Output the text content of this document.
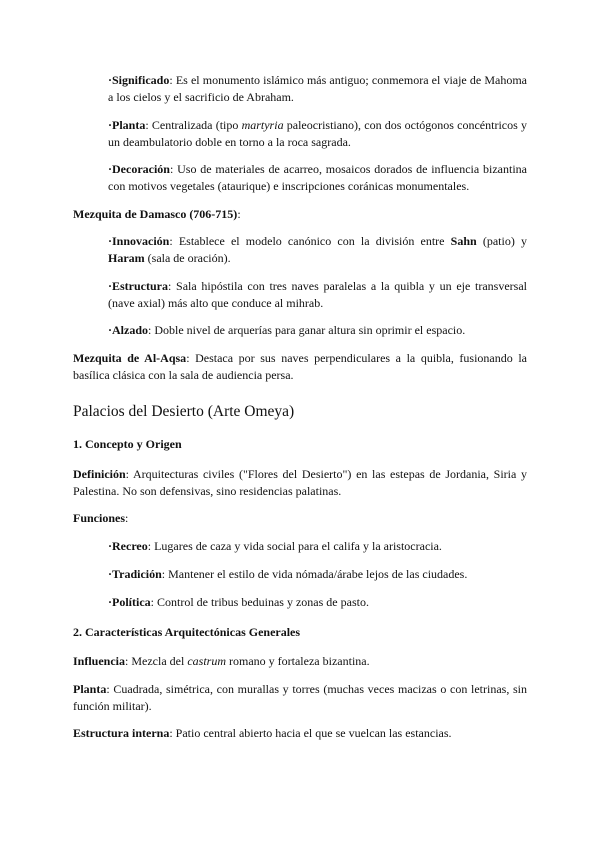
·Significado: Es el monumento islámico más antiguo; conmemora el viaje de Mahoma a los cielos y el sacrificio de Abraham.

·Planta: Centralizada (tipo martyria paleocristiano), con dos octógonos concéntricos y un deambulatorio doble en torno a la roca sagrada.

·Decoración: Uso de materiales de acarreo, mosaicos dorados de influencia bizantina con motivos vegetales (ataurique) e inscripciones coránicas monumentales.

Mezquita de Damasco (706-715):

·Innovación: Establece el modelo canónico con la división entre Sahn (patio) y Haram (sala de oración).

·Estructura: Sala hipóstila con tres naves paralelas a la quibla y un eje transversal (nave axial) más alto que conduce al mihrab.

·Alzado: Doble nivel de arquerías para ganar altura sin oprimir el espacio.

Mezquita de Al-Aqsa: Destaca por sus naves perpendiculares a la quibla, fusionando la basílica clásica con la sala de audiencia persa.

Palacios del Desierto (Arte Omeya)
1. Concepto y Origen

Definición: Arquitecturas civiles ("Flores del Desierto") en las estepas de Jordania, Siria y Palestina. No son defensivas, sino residencias palatinas.

Funciones:

·Recreo: Lugares de caza y vida social para el califa y la aristocracia.

·Tradición: Mantener el estilo de vida nómada/árabe lejos de las ciudades.

·Política: Control de tribus beduinas y zonas de pasto.

2. Características Arquitectónicas Generales

Influencia: Mezcla del castrum romano y fortaleza bizantina.

Planta: Cuadrada, simétrica, con murallas y torres (muchas veces macizas o con letrinas, sin función militar).

Estructura interna: Patio central abierto hacia el que se vuelcan las estancias.
